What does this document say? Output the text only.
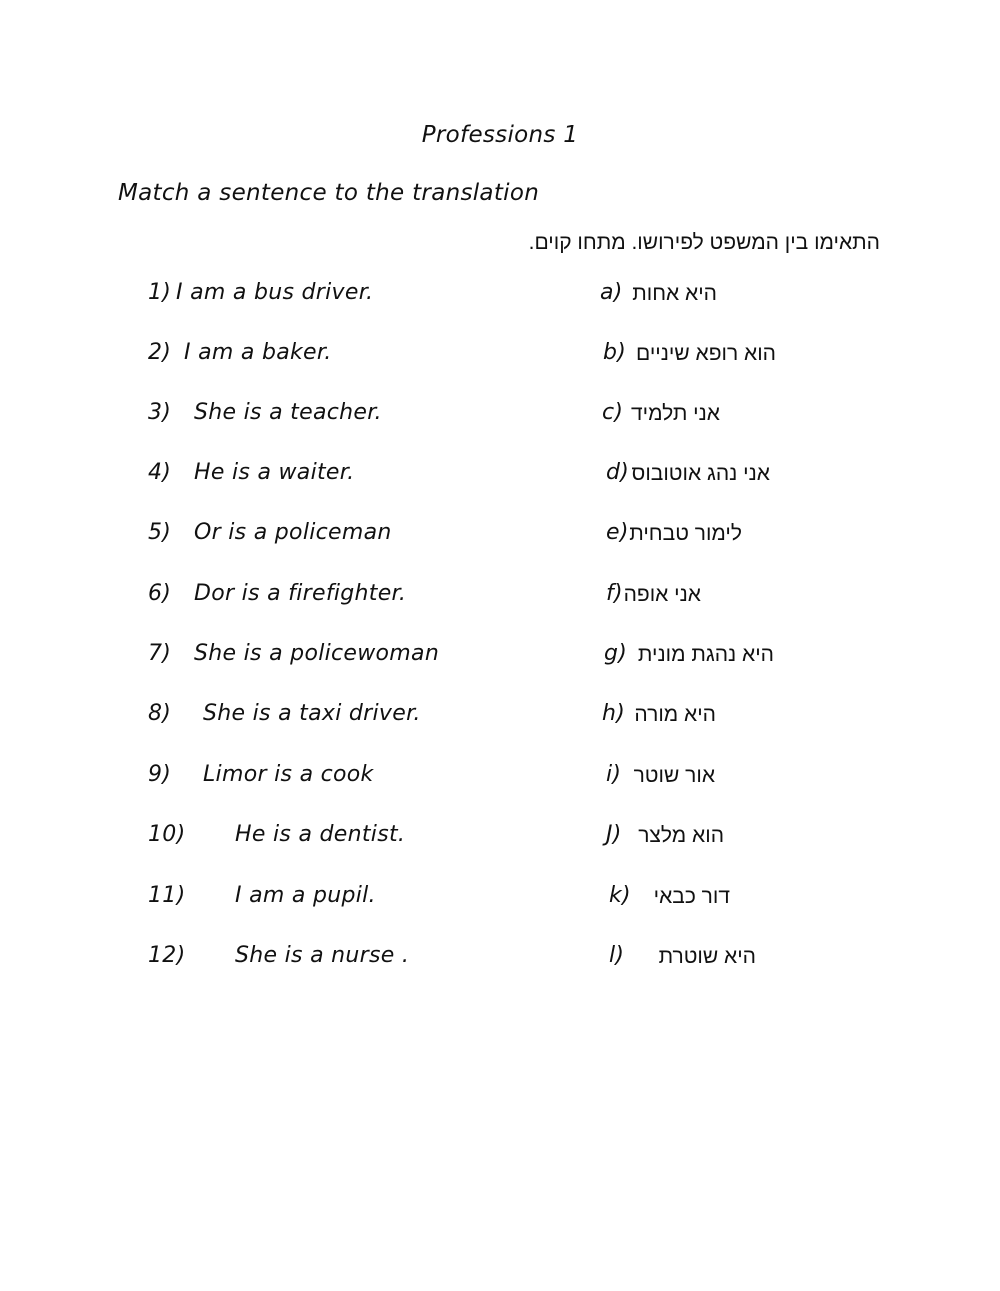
Professions 1
Match a sentence to the translation
התאימו בין המשפט לפירושו. מתחו קוים.
1) I am a bus driver.	a) היא אחות
2) I am a baker.	b) הוא רופא שיניים
3) She is a teacher.	c) אני תלמיד
4) He is a waiter.	d) אני נהג אוטובוס
5) Or is a policeman	e) לימור טבחית
6) Dor is a firefighter.	f) אני אופה
7) She is a policewoman	g) היא נהגת מונית
8) She is a taxi driver.	h) היא מורה
9) Limor is a cook	i) אור שוטר
10) He is a dentist.	J) הוא מלצר
11) I am a pupil.	k) דור כבאי
12) She is a nurse .	l) היא שוטרת
